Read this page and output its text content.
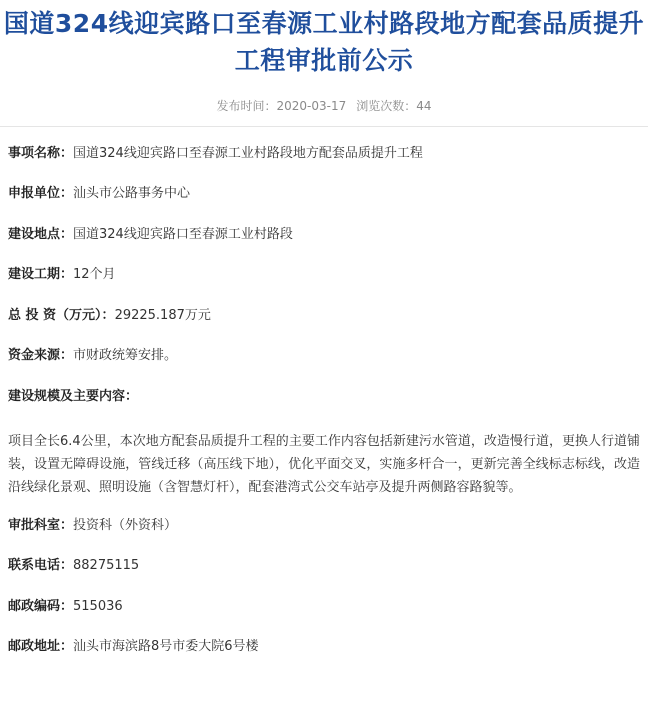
国道324线迎宾路口至春源工业村路段地方配套品质提升工程审批前公示
发布时间：2020-03-17 浏览次数：44

事项名称：国道324线迎宾路口至春源工业村路段地方配套品质提升工程

申报单位：汕头市公路事务中心

建设地点：国道324线迎宾路口至春源工业村路段

建设工期：12个月

总 投 资（万元）：29225.187万元

资金来源：市财政统筹安排。

建设规模及主要内容：

项目全长6.4公里，本次地方配套品质提升工程的主要工作内容包括新建污水管道，改造慢行道，更换人行道铺装，设置无障碍设施，管线迁移（高压线下地），优化平面交叉，实施多杆合一，更新完善全线标志标线，改造沿线绿化景观、照明设施（含智慧灯杆），配套港湾式公交车站亭及提升两侧路容路貌等。

审批科室：投资科（外资科）

联系电话：88275115

邮政编码：515036

邮政地址：汕头市海滨路8号市委大院6号楼
